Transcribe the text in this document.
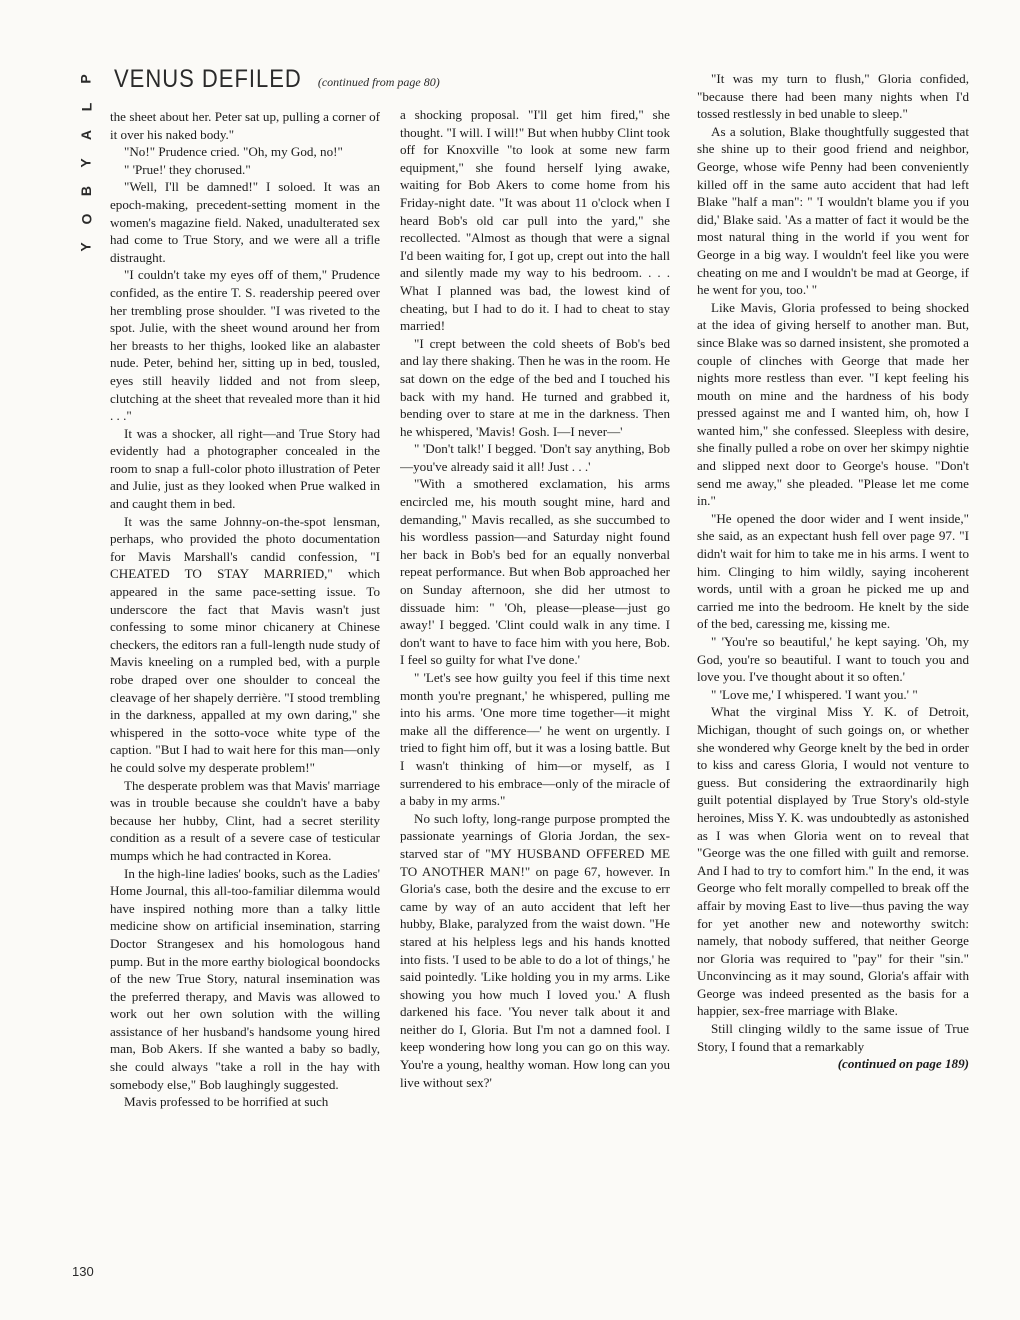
P
L
A
Y
B
O
Y
VENUS DEFILED (continued from page 80)

the sheet about her. Peter sat up, pulling a corner of it over his naked body."

"No!" Prudence cried. "Oh, my God, no!"

" 'Prue!' they chorused."

"Well, I'll be damned!" I soloed. It was an epoch-making, precedent-setting moment in the women's magazine field. Naked, unadulterated sex had come to True Story, and we were all a trifle distraught.

"I couldn't take my eyes off of them," Prudence confided, as the entire T. S. readership peered over her trembling prose shoulder. "I was riveted to the spot. Julie, with the sheet wound around her from her breasts to her thighs, looked like an alabaster nude. Peter, behind her, sitting up in bed, tousled, eyes still heavily lidded and not from sleep, clutching at the sheet that revealed more than it hid . . ."

It was a shocker, all right—and True Story had evidently had a photographer concealed in the room to snap a full-color photo illustration of Peter and Julie, just as they looked when Prue walked in and caught them in bed.

It was the same Johnny-on-the-spot lensman, perhaps, who provided the photo documentation for Mavis Marshall's candid confession, "I CHEATED TO STAY MARRIED," which appeared in the same pace-setting issue. To underscore the fact that Mavis wasn't just confessing to some minor chicanery at Chinese checkers, the editors ran a full-length nude study of Mavis kneeling on a rumpled bed, with a purple robe draped over one shoulder to conceal the cleavage of her shapely derrière. "I stood trembling in the darkness, appalled at my own daring," she whispered in the sotto-voce white type of the caption. "But I had to wait here for this man—only he could solve my desperate problem!"

The desperate problem was that Mavis' marriage was in trouble because she couldn't have a baby because her hubby, Clint, had a secret sterility condition as a result of a severe case of testicular mumps which he had contracted in Korea.

In the high-line ladies' books, such as the Ladies' Home Journal, this all-too-familiar dilemma would have inspired nothing more than a talky little medicine show on artificial insemination, starring Doctor Strangesex and his homologous hand pump. But in the more earthy biological boondocks of the new True Story, natural insemination was the preferred therapy, and Mavis was allowed to work out her own solution with the willing assistance of her husband's handsome young hired man, Bob Akers. If she wanted a baby so badly, she could always "take a roll in the hay with somebody else," Bob laughingly suggested.

Mavis professed to be horrified at such

a shocking proposal. "I'll get him fired," she thought. "I will. I will!" But when hubby Clint took off for Knoxville "to look at some new farm equipment," she found herself lying awake, waiting for Bob Akers to come home from his Friday-night date. "It was about 11 o'clock when I heard Bob's old car pull into the yard," she recollected. "Almost as though that were a signal I'd been waiting for, I got up, crept out into the hall and silently made my way to his bedroom. . . . What I planned was bad, the lowest kind of cheating, but I had to do it. I had to cheat to stay married!

"I crept between the cold sheets of Bob's bed and lay there shaking. Then he was in the room. He sat down on the edge of the bed and I touched his back with my hand. He turned and grabbed it, bending over to stare at me in the darkness. Then he whispered, 'Mavis! Gosh. I—I never—'

" 'Don't talk!' I begged. 'Don't say anything, Bob—you've already said it all! Just . . .'

"With a smothered exclamation, his arms encircled me, his mouth sought mine, hard and demanding," Mavis recalled, as she succumbed to his wordless passion—and Saturday night found her back in Bob's bed for an equally nonverbal repeat performance. But when Bob approached her on Sunday afternoon, she did her utmost to dissuade him: " 'Oh, please—please—just go away!' I begged. 'Clint could walk in any time. I don't want to have to face him with you here, Bob. I feel so guilty for what I've done.'

" 'Let's see how guilty you feel if this time next month you're pregnant,' he whispered, pulling me into his arms. 'One more time together—it might make all the difference—' he went on urgently. I tried to fight him off, but it was a losing battle. But I wasn't thinking of him—or myself, as I surrendered to his embrace—only of the miracle of a baby in my arms."

No such lofty, long-range purpose prompted the passionate yearnings of Gloria Jordan, the sex-starved star of "MY HUSBAND OFFERED ME TO ANOTHER MAN!" on page 67, however. In Gloria's case, both the desire and the excuse to err came by way of an auto accident that left her hubby, Blake, paralyzed from the waist down. "He stared at his helpless legs and his hands knotted into fists. 'I used to be able to do a lot of things,' he said pointedly. 'Like holding you in my arms. Like showing you how much I loved you.' A flush darkened his face. 'You never talk about it and neither do I, Gloria. But I'm not a damned fool. I keep wondering how long you can go on this way. You're a young, healthy woman. How long can you live without sex?'

"It was my turn to flush," Gloria confided, "because there had been many nights when I'd tossed restlessly in bed unable to sleep."

As a solution, Blake thoughtfully suggested that she shine up to their good friend and neighbor, George, whose wife Penny had been conveniently killed off in the same auto accident that had left Blake "half a man": " 'I wouldn't blame you if you did,' Blake said. 'As a matter of fact it would be the most natural thing in the world if you went for George in a big way. I wouldn't feel like you were cheating on me and I wouldn't be mad at George, if he went for you, too.' "

Like Mavis, Gloria professed to being shocked at the idea of giving herself to another man. But, since Blake was so darned insistent, she promoted a couple of clinches with George that made her nights more restless than ever. "I kept feeling his mouth on mine and the hardness of his body pressed against me and I wanted him, oh, how I wanted him," she confessed. Sleepless with desire, she finally pulled a robe on over her skimpy nightie and slipped next door to George's house. "Don't send me away," she pleaded. "Please let me come in."

"He opened the door wider and I went inside," she said, as an expectant hush fell over page 97. "I didn't wait for him to take me in his arms. I went to him. Clinging to him wildly, saying incoherent words, until with a groan he picked me up and carried me into the bedroom. He knelt by the side of the bed, caressing me, kissing me.

" 'You're so beautiful,' he kept saying. 'Oh, my God, you're so beautiful. I want to touch you and love you. I've thought about it so often.'

" 'Love me,' I whispered. 'I want you.' "

What the virginal Miss Y. K. of Detroit, Michigan, thought of such goings on, or whether she wondered why George knelt by the bed in order to kiss and caress Gloria, I would not venture to guess. But considering the extraordinarily high guilt potential displayed by True Story's old-style heroines, Miss Y. K. was undoubtedly as astonished as I was when Gloria went on to reveal that "George was the one filled with guilt and remorse. And I had to try to comfort him." In the end, it was George who felt morally compelled to break off the affair by moving East to live—thus paving the way for yet another new and noteworthy switch: namely, that nobody suffered, that neither George nor Gloria was required to "pay" for their "sin." Unconvincing as it may sound, Gloria's affair with George was indeed presented as the basis for a happier, sex-free marriage with Blake.

Still clinging wildly to the same issue of True Story, I found that a remarkably

(continued on page 189)

130
